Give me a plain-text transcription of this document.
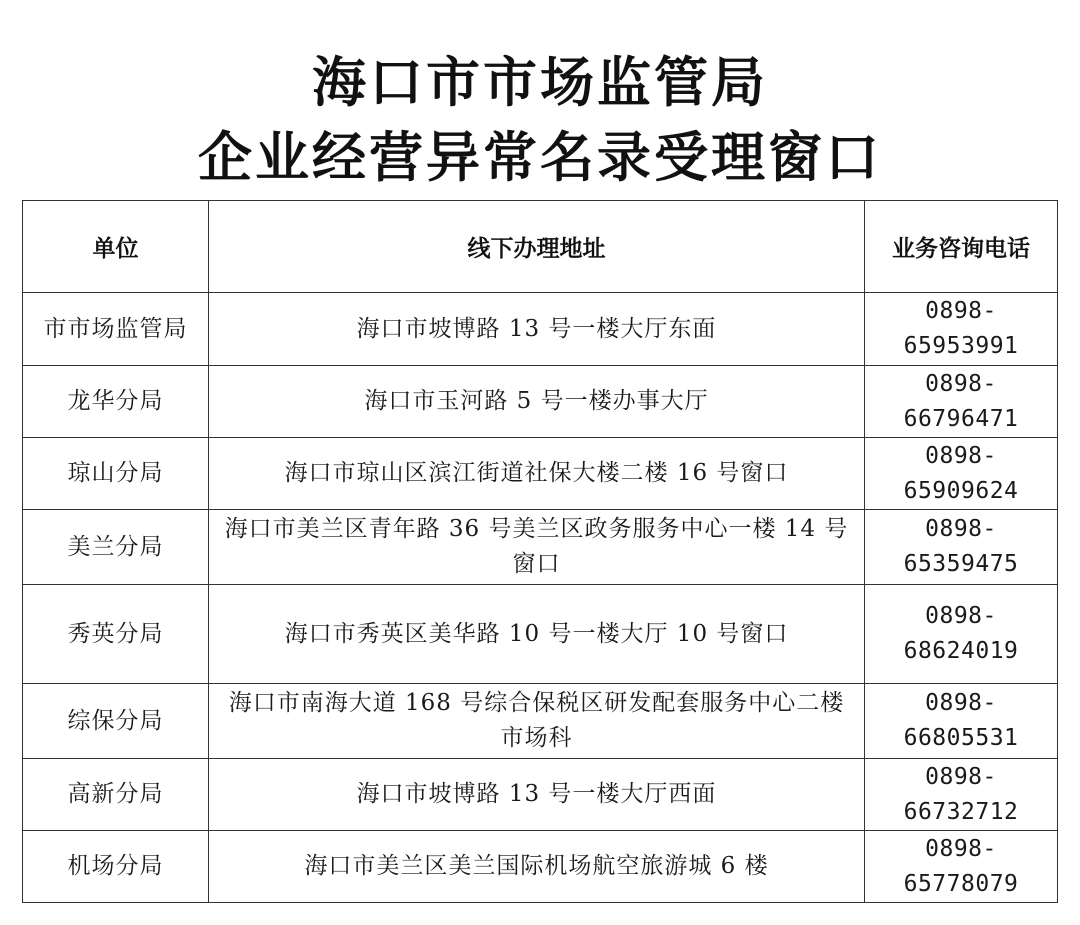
海口市市场监管局
企业经营异常名录受理窗口
单位	线下办理地址	业务咨询电话
市市场监管局	海口市坡博路 13 号一楼大厅东面	0898-65953991
龙华分局	海口市玉河路 5 号一楼办事大厅	0898-66796471
琼山分局	海口市琼山区滨江街道社保大楼二楼 16 号窗口	0898-65909624
美兰分局	海口市美兰区青年路 36 号美兰区政务服务中心一楼 14 号窗口	0898-65359475
秀英分局	海口市秀英区美华路 10 号一楼大厅 10 号窗口	0898-68624019
综保分局	海口市南海大道 168 号综合保税区研发配套服务中心二楼市场科	0898-66805531
高新分局	海口市坡博路 13 号一楼大厅西面	0898-66732712
机场分局	海口市美兰区美兰国际机场航空旅游城 6 楼	0898-65778079
